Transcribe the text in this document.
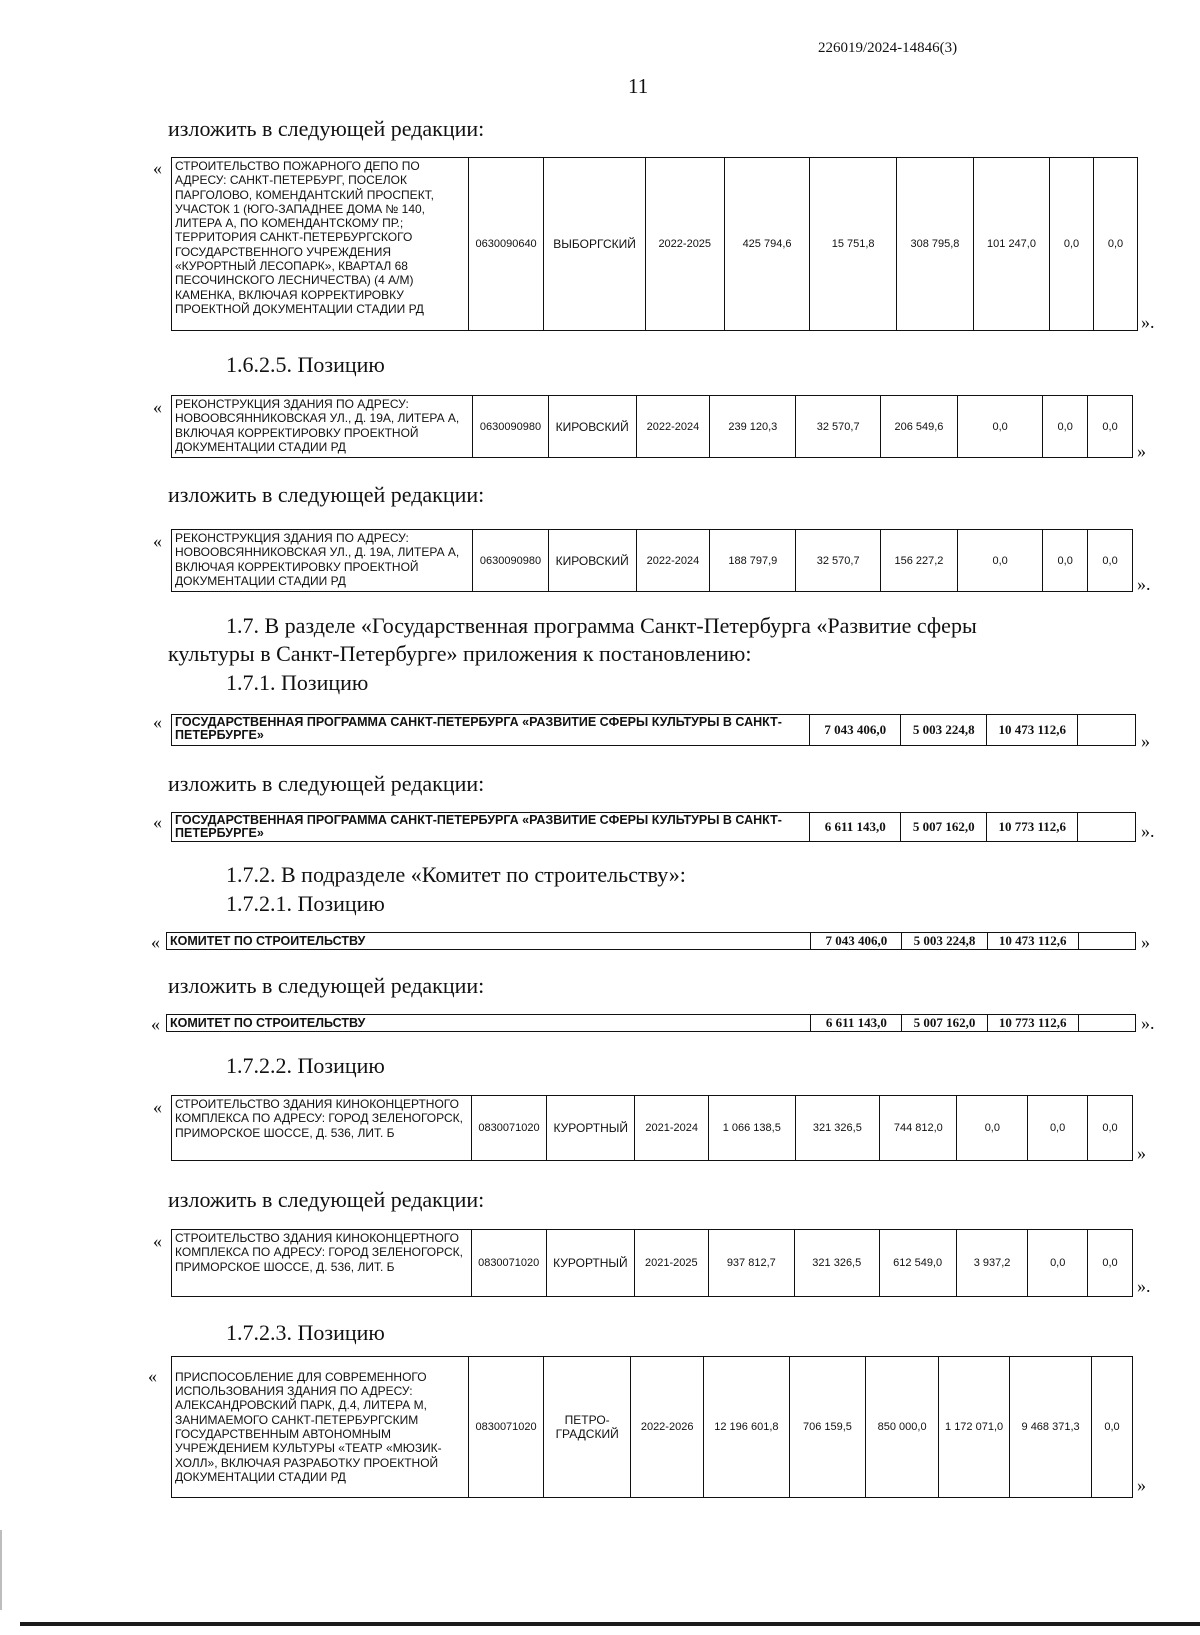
226019/2024-14846(3)
11
изложить в следующей редакции:
« СТРОИТЕЛЬСТВО ПОЖАРНОГО ДЕПО ПО АДРЕСУ: САНКТ-ПЕТЕРБУРГ, ПОСЕЛОК ПАРГОЛОВО, КОМЕНДАНТСКИЙ ПРОСПЕКТ, УЧАСТОК 1 (ЮГО-ЗАПАДНЕЕ ДОМА № 140, ЛИТЕРА А, ПО КОМЕНДАНТСКОМУ ПР.; ТЕРРИТОРИЯ САНКТ-ПЕТЕРБУРГСКОГО ГОСУДАРСТВЕННОГО УЧРЕЖДЕНИЯ «КУРОРТНЫЙ ЛЕСОПАРК», КВАРТАЛ 68 ПЕСОЧИНСКОГО ЛЕСНИЧЕСТВА) (4 А/М) КАМЕНКА, ВКЛЮЧАЯ КОРРЕКТИРОВКУ ПРОЕКТНОЙ ДОКУМЕНТАЦИИ СТАДИИ РД	0630090640	ВЫБОРГСКИЙ	2022-2025	425 794,6	15 751,8	308 795,8	101 247,0	0,0	0,0
».
1.6.2.5. Позицию
« РЕКОНСТРУКЦИЯ ЗДАНИЯ ПО АДРЕСУ: НОВООВСЯННИКОВСКАЯ УЛ., Д. 19А, ЛИТЕРА А, ВКЛЮЧАЯ КОРРЕКТИРОВКУ ПРОЕКТНОЙ ДОКУМЕНТАЦИИ СТАДИИ РД	0630090980	КИРОВСКИЙ	2022-2024	239 120,3	32 570,7	206 549,6	0,0	0,0	0,0
»
изложить в следующей редакции:
« РЕКОНСТРУКЦИЯ ЗДАНИЯ ПО АДРЕСУ: НОВООВСЯННИКОВСКАЯ УЛ., Д. 19А, ЛИТЕРА А, ВКЛЮЧАЯ КОРРЕКТИРОВКУ ПРОЕКТНОЙ ДОКУМЕНТАЦИИ СТАДИИ РД	0630090980	КИРОВСКИЙ	2022-2024	188 797,9	32 570,7	156 227,2	0,0	0,0	0,0
».
1.7. В разделе «Государственная программа Санкт-Петербурга «Развитие сферы
культуры в Санкт-Петербурге» приложения к постановлению:
1.7.1. Позицию
« ГОСУДАРСТВЕННАЯ ПРОГРАММА САНКТ-ПЕТЕРБУРГА «РАЗВИТИЕ СФЕРЫ КУЛЬТУРЫ В САНКТ-ПЕТЕРБУРГЕ»	7 043 406,0	5 003 224,8	10 473 112,6	
»
изложить в следующей редакции:
« ГОСУДАРСТВЕННАЯ ПРОГРАММА САНКТ-ПЕТЕРБУРГА «РАЗВИТИЕ СФЕРЫ КУЛЬТУРЫ В САНКТ-ПЕТЕРБУРГЕ»	6 611 143,0	5 007 162,0	10 773 112,6		».
1.7.2. В подразделе «Комитет по строительству»:
1.7.2.1. Позицию
« КОМИТЕТ ПО СТРОИТЕЛЬСТВУ	7 043 406,0	5 003 224,8	10 473 112,6		»
изложить в следующей редакции:
« КОМИТЕТ ПО СТРОИТЕЛЬСТВУ	6 611 143,0	5 007 162,0	10 773 112,6		».
1.7.2.2. Позицию
« СТРОИТЕЛЬСТВО ЗДАНИЯ КИНОКОНЦЕРТНОГО КОМПЛЕКСА ПО АДРЕСУ: ГОРОД ЗЕЛЕНОГОРСК, ПРИМОРСКОЕ ШОССЕ, Д. 536, ЛИТ. Б	0830071020	КУРОРТНЫЙ	2021-2024	1 066 138,5	321 326,5	744 812,0	0,0	0,0	0,0
»
изложить в следующей редакции:
« СТРОИТЕЛЬСТВО ЗДАНИЯ КИНОКОНЦЕРТНОГО КОМПЛЕКСА ПО АДРЕСУ: ГОРОД ЗЕЛЕНОГОРСК, ПРИМОРСКОЕ ШОССЕ, Д. 536, ЛИТ. Б	0830071020	КУРОРТНЫЙ	2021-2025	937 812,7	321 326,5	612 549,0	3 937,2	0,0	0,0
».
1.7.2.3. Позицию
« ПРИСПОСОБЛЕНИЕ ДЛЯ СОВРЕМЕННОГО ИСПОЛЬЗОВАНИЯ ЗДАНИЯ ПО АДРЕСУ: АЛЕКСАНДРОВСКИЙ ПАРК, Д.4, ЛИТЕРА М, ЗАНИМАЕМОГО САНКТ-ПЕТЕРБУРГСКИМ ГОСУДАРСТВЕННЫМ АВТОНОМНЫМ УЧРЕЖДЕНИЕМ КУЛЬТУРЫ «ТЕАТР «МЮЗИК-ХОЛЛ», ВКЛЮЧАЯ РАЗРАБОТКУ ПРОЕКТНОЙ ДОКУМЕНТАЦИИ СТАДИИ РД	0830071020	ПЕТРО-ГРАДСКИЙ	2022-2026	12 196 601,8	706 159,5	850 000,0	1 172 071,0	9 468 371,3	0,0
»
